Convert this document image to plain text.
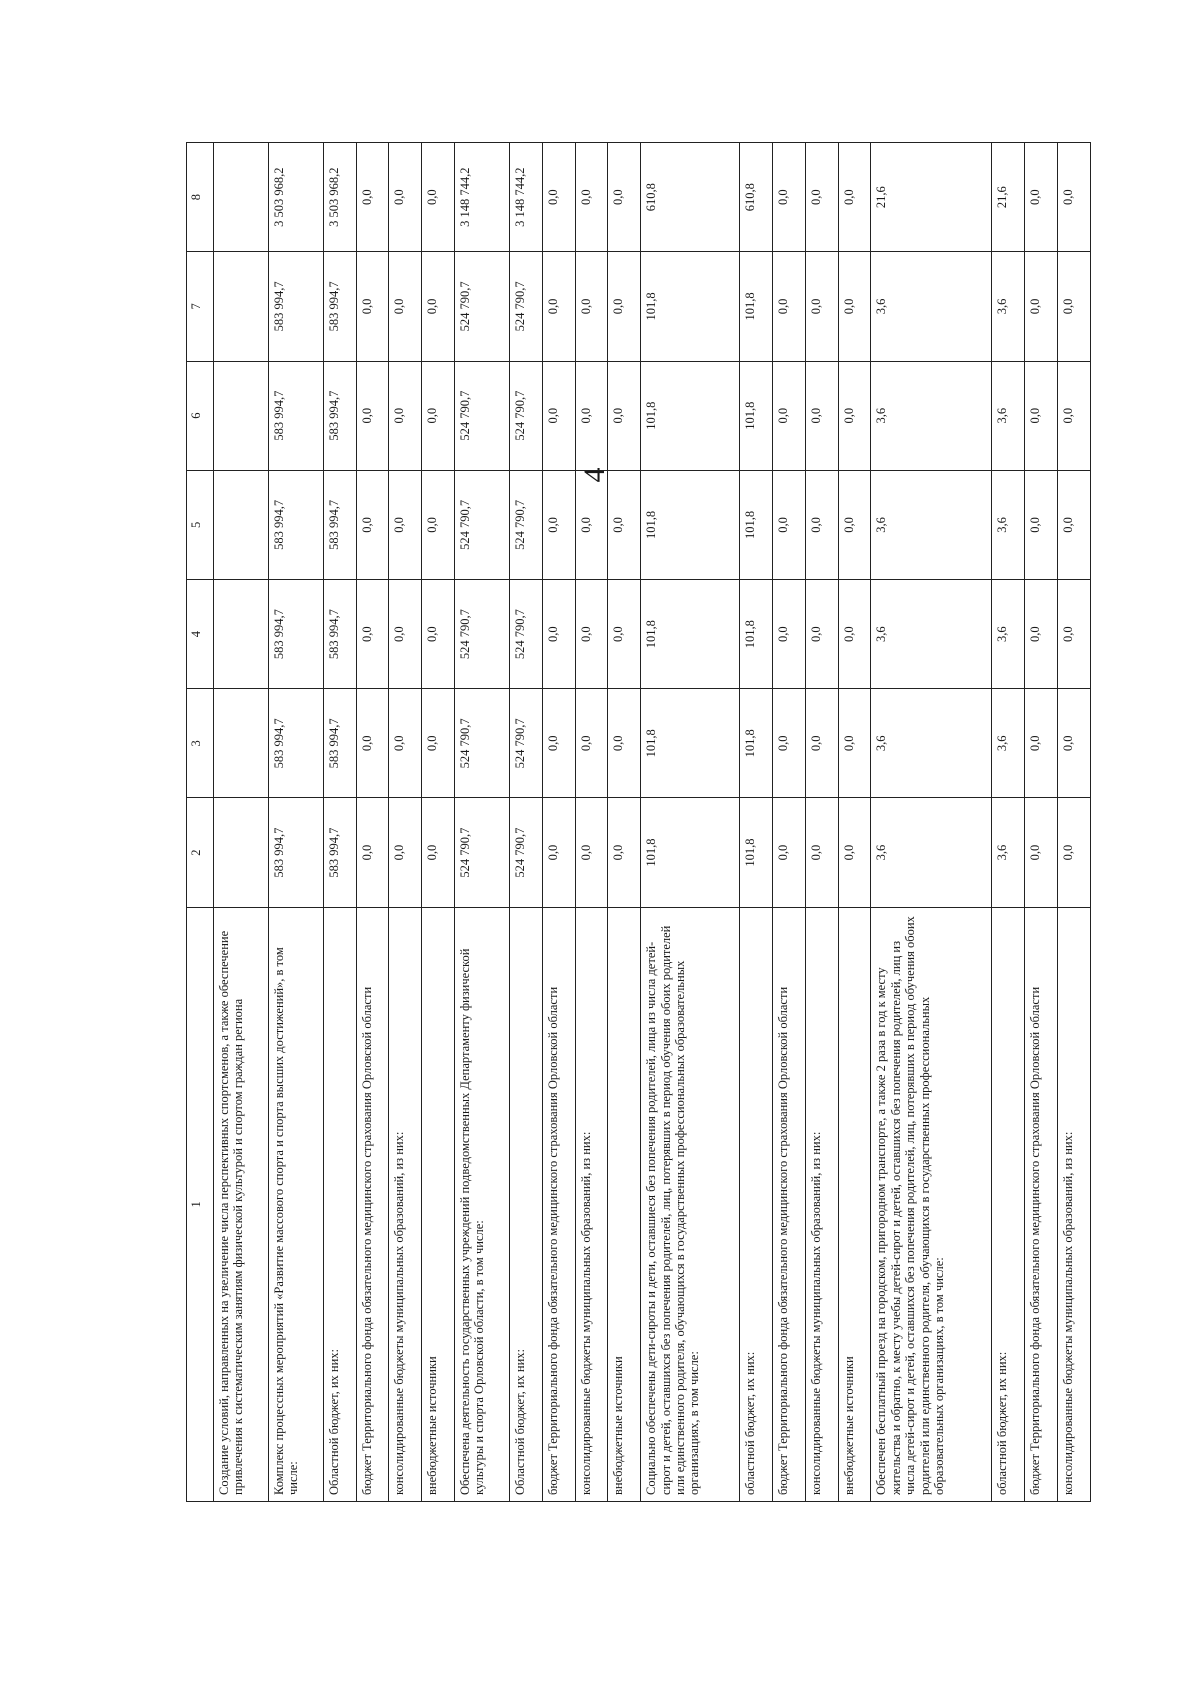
4
1	2	3	4	5	6	7	8
Создание условий, направленных на увеличение числа перспективных спортсменов, а также обеспечение привлечения к систематическим занятиям физической культурой и спортом граждан региона							
Комплекс процессных мероприятий «Развитие массового спорта и спорта высших достижений», в том числе:	583 994,7	583 994,7	583 994,7	583 994,7	583 994,7	583 994,7	3 503 968,2
Областной бюджет, их них:	583 994,7	583 994,7	583 994,7	583 994,7	583 994,7	583 994,7	3 503 968,2
бюджет Территориального фонда обязательного медицинского страхования Орловской области	0,0	0,0	0,0	0,0	0,0	0,0	0,0
консолидированные бюджеты муниципальных образований, из них:	0,0	0,0	0,0	0,0	0,0	0,0	0,0
внебюджетные источники	0,0	0,0	0,0	0,0	0,0	0,0	0,0
Обеспечена деятельность государственных учреждений подведомственных Департаменту физической культуры и спорта Орловской области, в том числе:	524 790,7	524 790,7	524 790,7	524 790,7	524 790,7	524 790,7	3 148 744,2
Областной бюджет, их них:	524 790,7	524 790,7	524 790,7	524 790,7	524 790,7	524 790,7	3 148 744,2
бюджет Территориального фонда обязательного медицинского страхования Орловской области	0,0	0,0	0,0	0,0	0,0	0,0	0,0
консолидированные бюджеты муниципальных образований, из них:	0,0	0,0	0,0	0,0	0,0	0,0	0,0
внебюджетные источники	0,0	0,0	0,0	0,0	0,0	0,0	0,0
Социально обеспечены дети-сироты и дети, оставшиеся без попечения родителей, лица из числа детей-сирот и детей, оставшихся без попечения родителей, лиц, потерявших в период обучения обоих родителей или единственного родителя, обучающихся в государственных профессиональных образовательных организациях, в том числе:	101,8	101,8	101,8	101,8	101,8	101,8	610,8
областной бюджет, их них:	101,8	101,8	101,8	101,8	101,8	101,8	610,8
бюджет Территориального фонда обязательного медицинского страхования Орловской области	0,0	0,0	0,0	0,0	0,0	0,0	0,0
консолидированные бюджеты муниципальных образований, из них:	0,0	0,0	0,0	0,0	0,0	0,0	0,0
внебюджетные источники	0,0	0,0	0,0	0,0	0,0	0,0	0,0
Обеспечен бесплатный проезд на городском, пригородном транспорте, а также 2 раза в год к месту жительства и обратно, к месту учебы детей-сирот и детей, оставшихся без попечения родителей, лиц из числа детей-сирот и детей, оставшихся без попечения родителей, лиц, потерявших в период обучения обоих родителей или единственного родителя, обучающихся в государственных профессиональных образовательных организациях, в том числе:	3,6	3,6	3,6	3,6	3,6	3,6	21,6
областной бюджет, их них:	3,6	3,6	3,6	3,6	3,6	3,6	21,6
бюджет Территориального фонда обязательного медицинского страхования Орловской области	0,0	0,0	0,0	0,0	0,0	0,0	0,0
консолидированные бюджеты муниципальных образований, из них:	0,0	0,0	0,0	0,0	0,0	0,0	0,0
